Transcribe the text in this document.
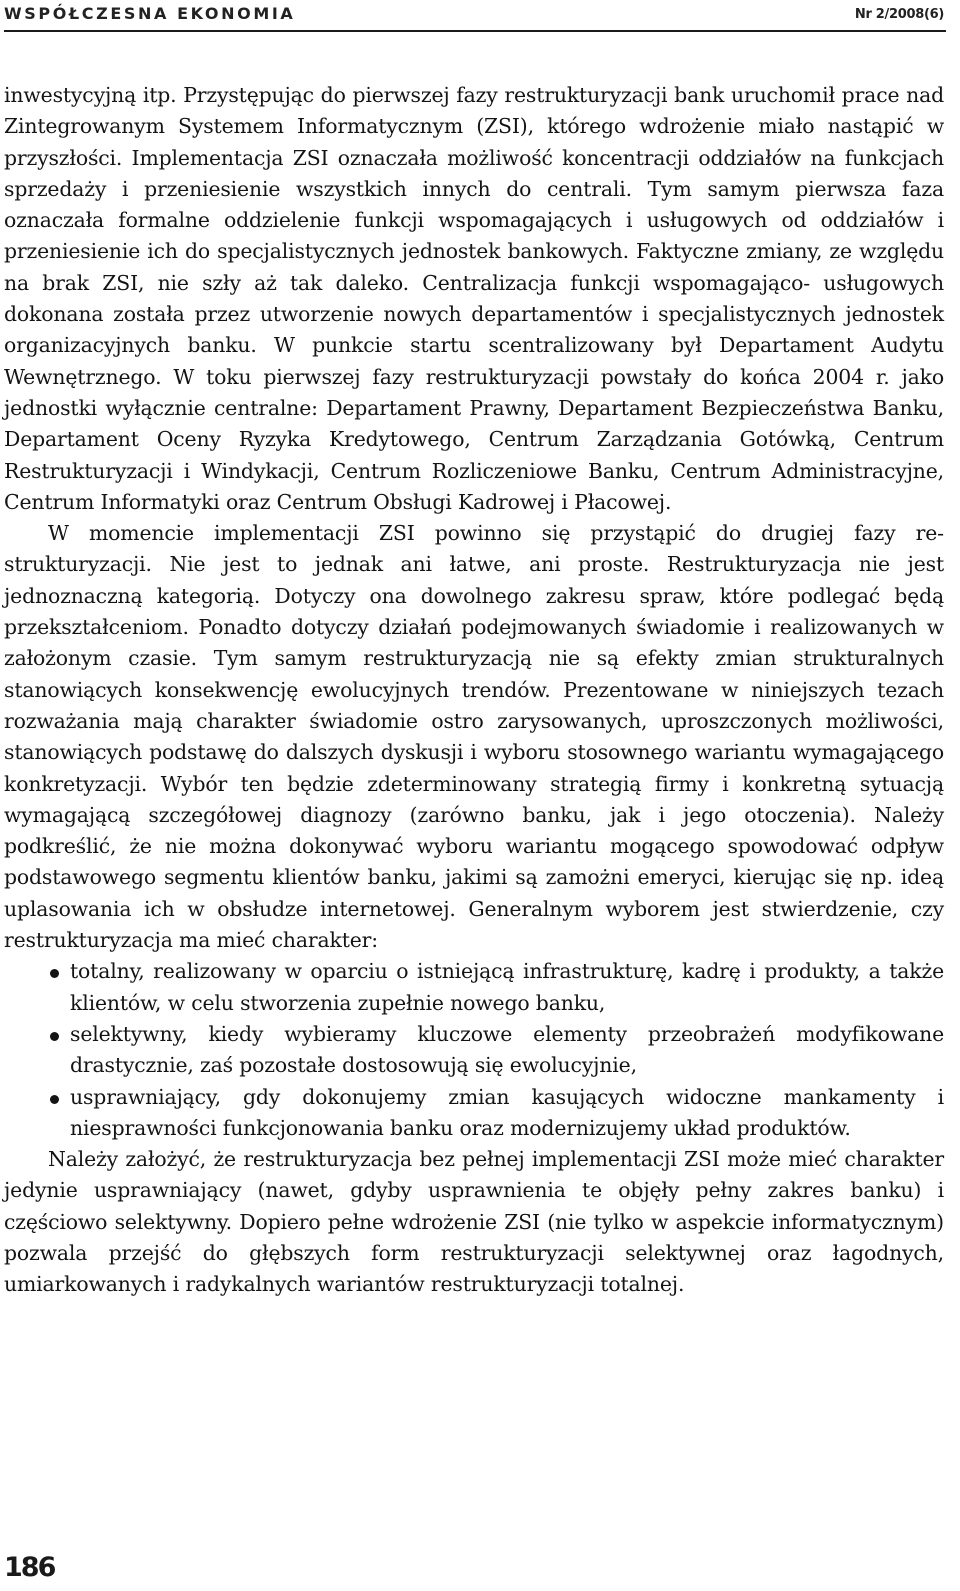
WSPÓŁCZESNA EKONOMIA	Nr 2/2008(6)

inwestycyjną itp. Przystępując do pierwszej fazy restrukturyzacji bank uruchomił prace nad Zintegrowanym Systemem Informatycznym (ZSI), którego wdrożenie miało nastąpić w przyszłości. Implementacja ZSI oznaczała możliwość koncentracji oddziałów na funkcjach sprzedaży i przeniesienie wszystkich innych do centrali. Tym samym pierwsza faza oznaczała formalne oddzielenie funkcji wspomagających i usługowych od oddziałów i przeniesienie ich do specjalistycznych jednostek bankowych. Faktyczne zmiany, ze względu na brak ZSI, nie szły aż tak daleko. Centralizacja funkcji wspomagająco- usługowych dokonana została przez utworzenie nowych departamentów i specjalistycznych jednostek organizacyjnych banku. W punkcie startu scentralizowany był Departament Audytu Wewnętrznego. W toku pierwszej fazy restrukturyzacji powstały do końca 2004 r. jako jednostki wyłącznie centralne: Departament Prawny, Departament Bezpieczeństwa Banku, Departament Oceny Ryzyka Kredytowego, Centrum Zarządzania Gotówką, Centrum Restrukturyzacji i Windykacji, Centrum Rozliczeniowe Banku, Centrum Administracyjne, Centrum Informatyki oraz Centrum Obsługi Kadrowej i Płacowej.

W momencie implementacji ZSI powinno się przystąpić do drugiej fazy restrukturyzacji. Nie jest to jednak ani łatwe, ani proste. Restrukturyzacja nie jest jednoznaczną kategorią. Dotyczy ona dowolnego zakresu spraw, które podlegać będą przekształceniom. Ponadto dotyczy działań podejmowanych świadomie i realizowanych w założonym czasie. Tym samym restrukturyzacją nie są efekty zmian strukturalnych stanowiących konsekwencję ewolucyjnych trendów. Prezentowane w niniejszych tezach rozważania mają charakter świadomie ostro zarysowanych, uproszczonych możliwości, stanowiących podstawę do dalszych dyskusji i wyboru stosownego wariantu wymagającego konkretyzacji. Wybór ten będzie zdeterminowany strategią firmy i konkretną sytuacją wymagającą szczegółowej diagnozy (zarówno banku, jak i jego otoczenia). Należy podkreślić, że nie można dokonywać wyboru wariantu mogącego spowodować odpływ podstawowego segmentu klientów banku, jakimi są zamożni emeryci, kierując się np. ideą uplasowania ich w obsłudze internetowej. Generalnym wyborem jest stwierdzenie, czy restrukturyzacja ma mieć charakter:

totalny, realizowany w oparciu o istniejącą infrastrukturę, kadrę i produkty, a także klientów, w celu stworzenia zupełnie nowego banku,
selektywny, kiedy wybieramy kluczowe elementy przeobrażeń modyfikowane drastycznie, zaś pozostałe dostosowują się ewolucyjnie,
usprawniający, gdy dokonujemy zmian kasujących widoczne mankamenty i niesprawności funkcjonowania banku oraz modernizujemy układ produktów.

Należy założyć, że restrukturyzacja bez pełnej implementacji ZSI może mieć charakter jedynie usprawniający (nawet, gdyby usprawnienia te objęły pełny zakres banku) i częściowo selektywny. Dopiero pełne wdrożenie ZSI (nie tylko w aspekcie informatycznym) pozwala przejść do głębszych form restrukturyzacji selektywnej oraz łagodnych, umiarkowanych i radykalnych wariantów restrukturyzacji totalnej.

186
